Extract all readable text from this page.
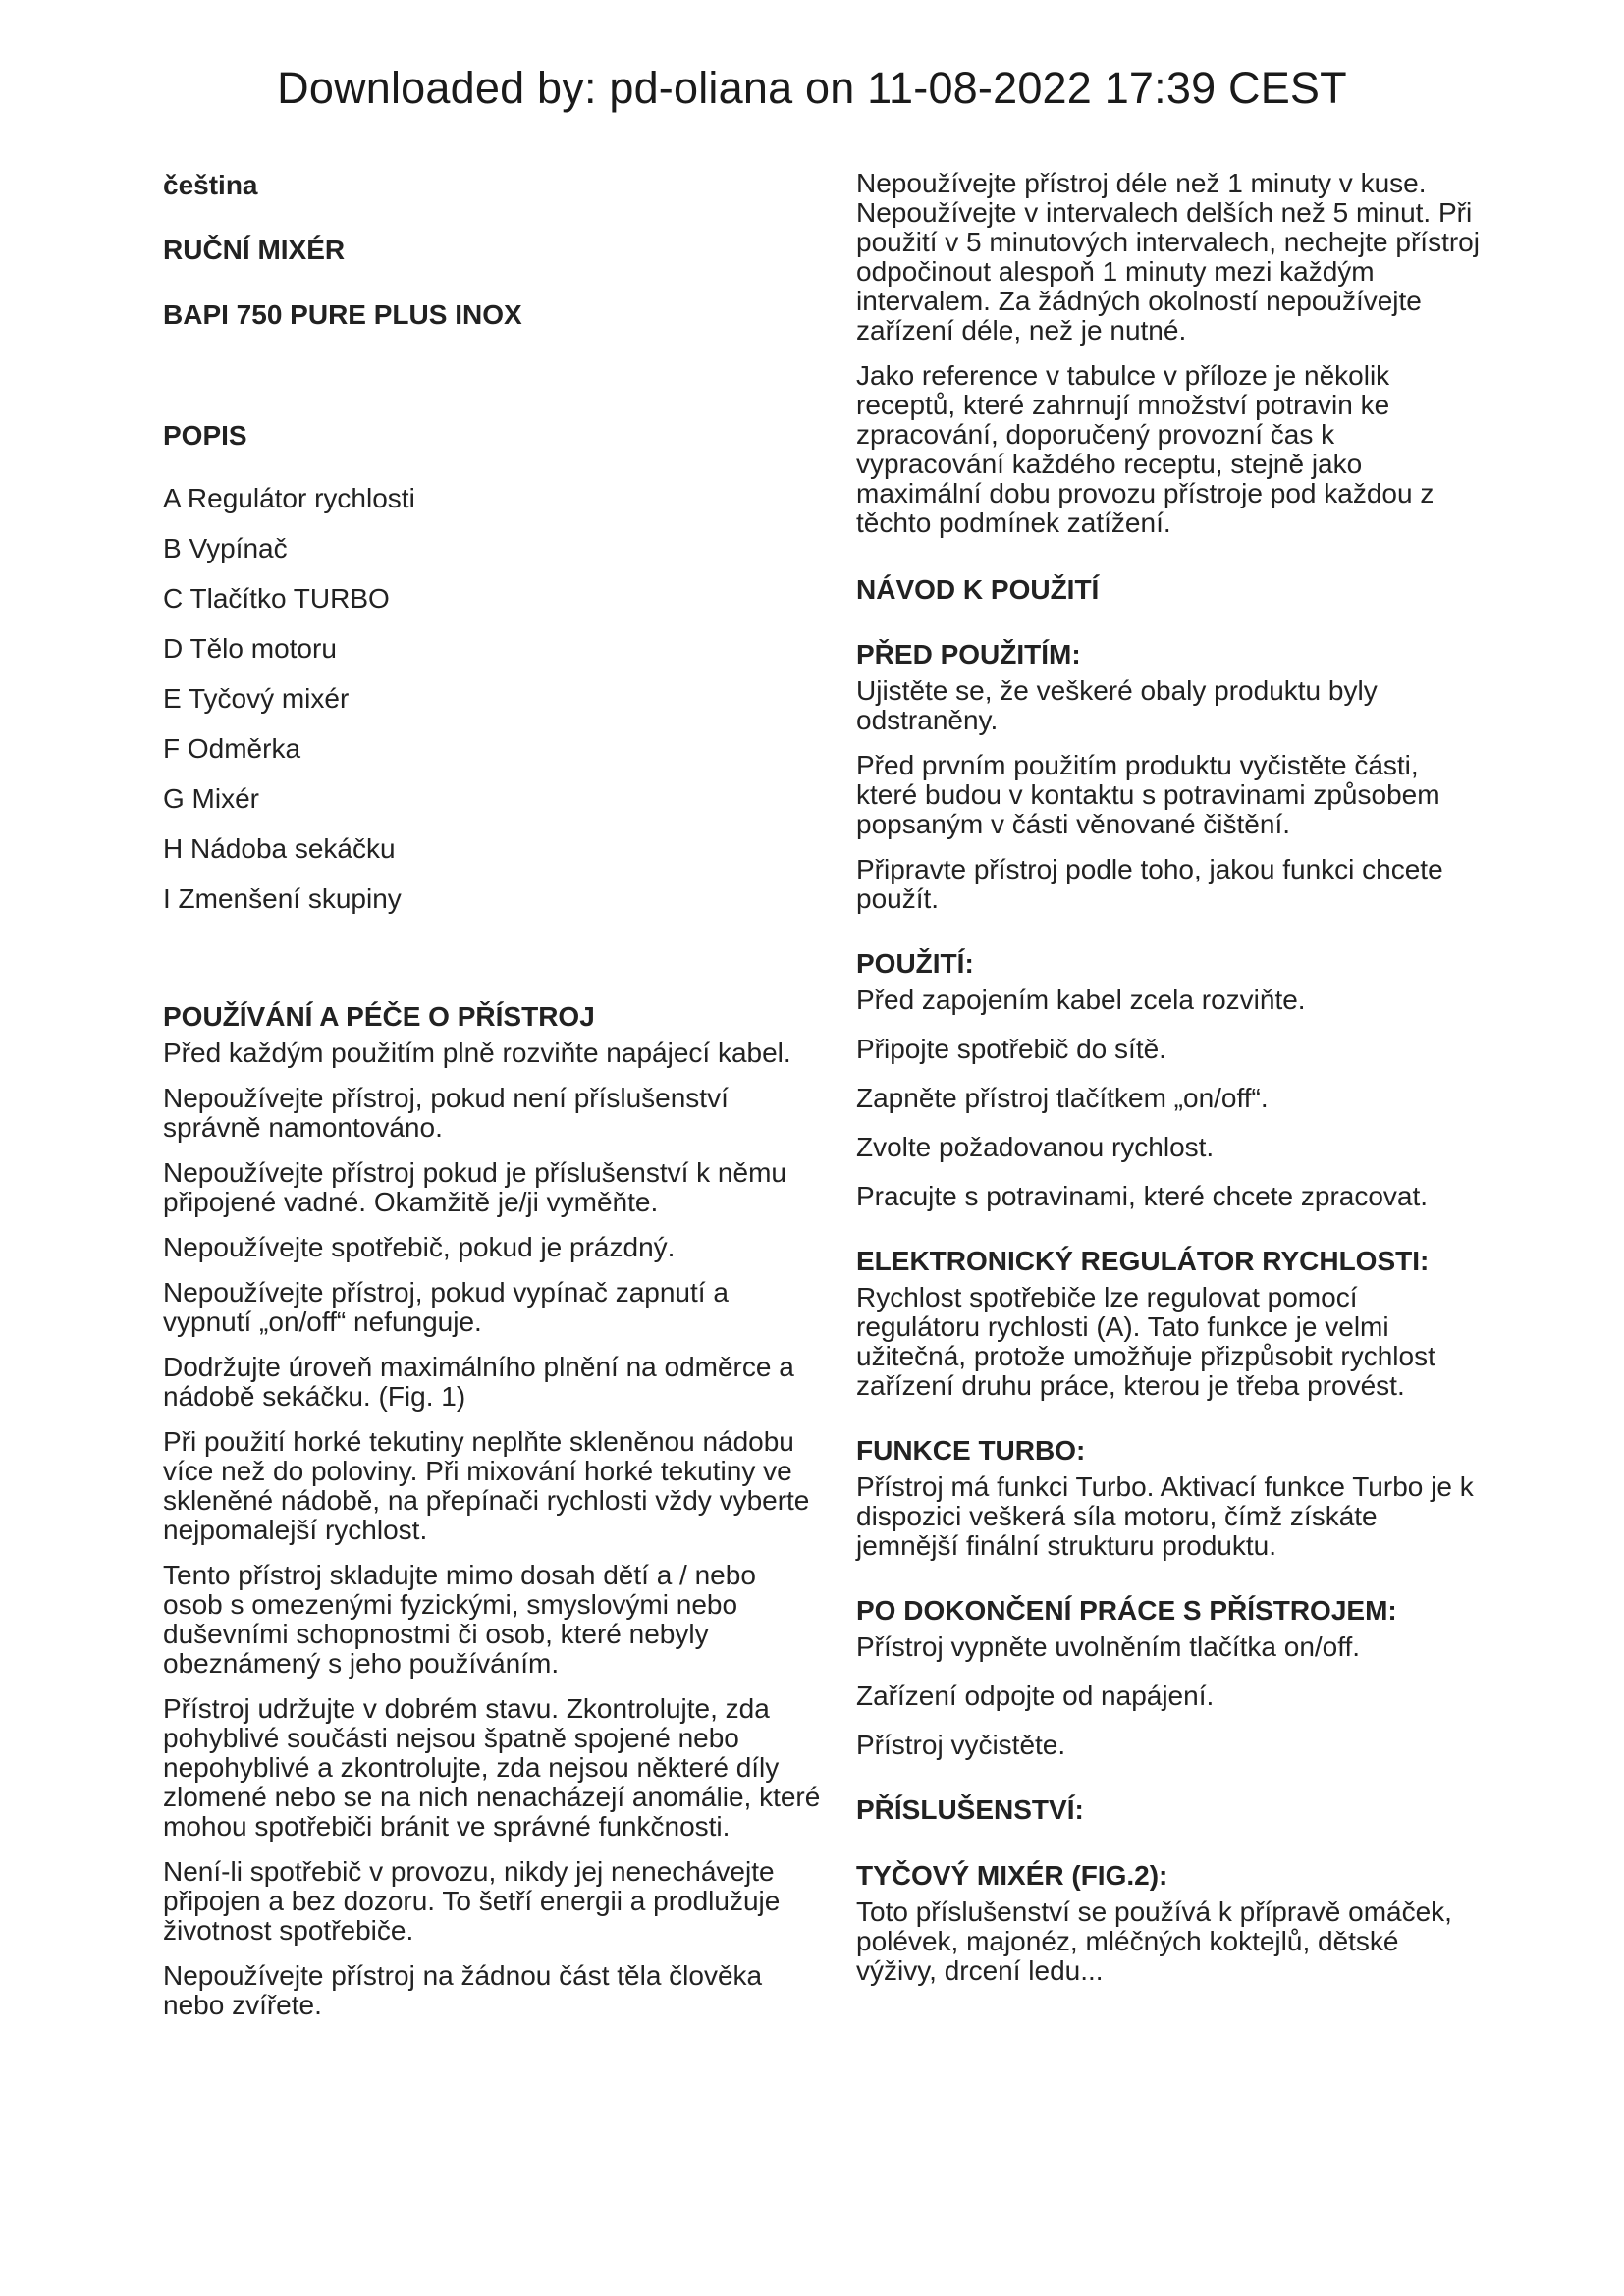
Downloaded by: pd-oliana on 11-08-2022 17:39 CEST

čeština

RUČNÍ MIXÉR

BAPI 750 PURE PLUS INOX

POPIS

A Regulátor rychlosti

B Vypínač

C Tlačítko TURBO

D Tělo motoru

E Tyčový mixér

F Odměrka

G Mixér

H Nádoba sekáčku

I Zmenšení skupiny

POUŽÍVÁNÍ A PÉČE O PŘÍSTROJ

Před každým použitím plně rozviňte napájecí kabel.

Nepoužívejte přístroj, pokud není příslušenství správně namontováno.

Nepoužívejte přístroj pokud je příslušenství k němu připojené vadné. Okamžitě je/ji vyměňte.

Nepoužívejte spotřebič, pokud je prázdný.

Nepoužívejte přístroj, pokud vypínač zapnutí a vypnutí „on/off“ nefunguje.

Dodržujte úroveň maximálního plnění na odměrce a nádobě sekáčku. (Fig. 1)

Při použití horké tekutiny neplňte skleněnou nádobu více než do poloviny. Při mixování horké tekutiny ve skleněné nádobě, na přepínači rychlosti vždy vyberte nejpomalejší rychlost.

Tento přístroj skladujte mimo dosah dětí a / nebo osob s omezenými fyzickými, smyslovými nebo duševními schopnostmi či osob, které nebyly obeznámený s jeho používáním.

Přístroj udržujte v dobrém stavu. Zkontrolujte, zda pohyblivé součásti nejsou špatně spojené nebo nepohyblivé a zkontrolujte, zda nejsou některé díly zlomené nebo se na nich nenacházejí anomálie, které mohou spotřebiči bránit ve správné funkčnosti.

Není-li spotřebič v provozu, nikdy jej nenechávejte připojen a bez dozoru. To šetří energii a prodlužuje životnost spotřebiče.

Nepoužívejte přístroj na žádnou část těla člověka nebo zvířete.

Nepoužívejte přístroj déle než 1 minuty v kuse. Nepoužívejte v intervalech delších než 5 minut. Při použití v 5 minutových intervalech, nechejte přístroj odpočinout alespoň 1 minuty mezi každým intervalem. Za žádných okolností nepoužívejte zařízení déle, než je nutné.

Jako reference v tabulce v příloze je několik receptů, které zahrnují množství potravin ke zpracování, doporučený provozní čas k vypracování každého receptu, stejně jako maximální dobu provozu přístroje pod každou z těchto podmínek zatížení.

NÁVOD K POUŽITÍ

PŘED POUŽITÍM:

Ujistěte se, že veškeré obaly produktu byly odstraněny.

Před prvním použitím produktu vyčistěte části, které budou v kontaktu s potravinami způsobem popsaným v části věnované čištění.

Připravte přístroj podle toho, jakou funkci chcete použít.

POUŽITÍ:

Před zapojením kabel zcela rozviňte.

Připojte spotřebič do sítě.

Zapněte přístroj tlačítkem „on/off“.

Zvolte požadovanou rychlost.

Pracujte s potravinami, které chcete zpracovat.

ELEKTRONICKÝ REGULÁTOR RYCHLOSTI:

Rychlost spotřebiče lze regulovat pomocí regulátoru rychlosti (A). Tato funkce je velmi užitečná, protože umožňuje přizpůsobit rychlost zařízení druhu práce, kterou je třeba provést.

FUNKCE TURBO:

Přístroj má funkci Turbo. Aktivací funkce Turbo je k dispozici veškerá síla motoru, čímž získáte jemnější finální strukturu produktu.

PO DOKONČENÍ PRÁCE S PŘÍSTROJEM:

Přístroj vypněte uvolněním tlačítka on/off.

Zařízení odpojte od napájení.

Přístroj vyčistěte.

PŘÍSLUŠENSTVÍ:

TYČOVÝ MIXÉR (FIG.2):

Toto příslušenství se používá k přípravě omáček, polévek, majonéz, mléčných koktejlů, dětské výživy, drcení ledu...
